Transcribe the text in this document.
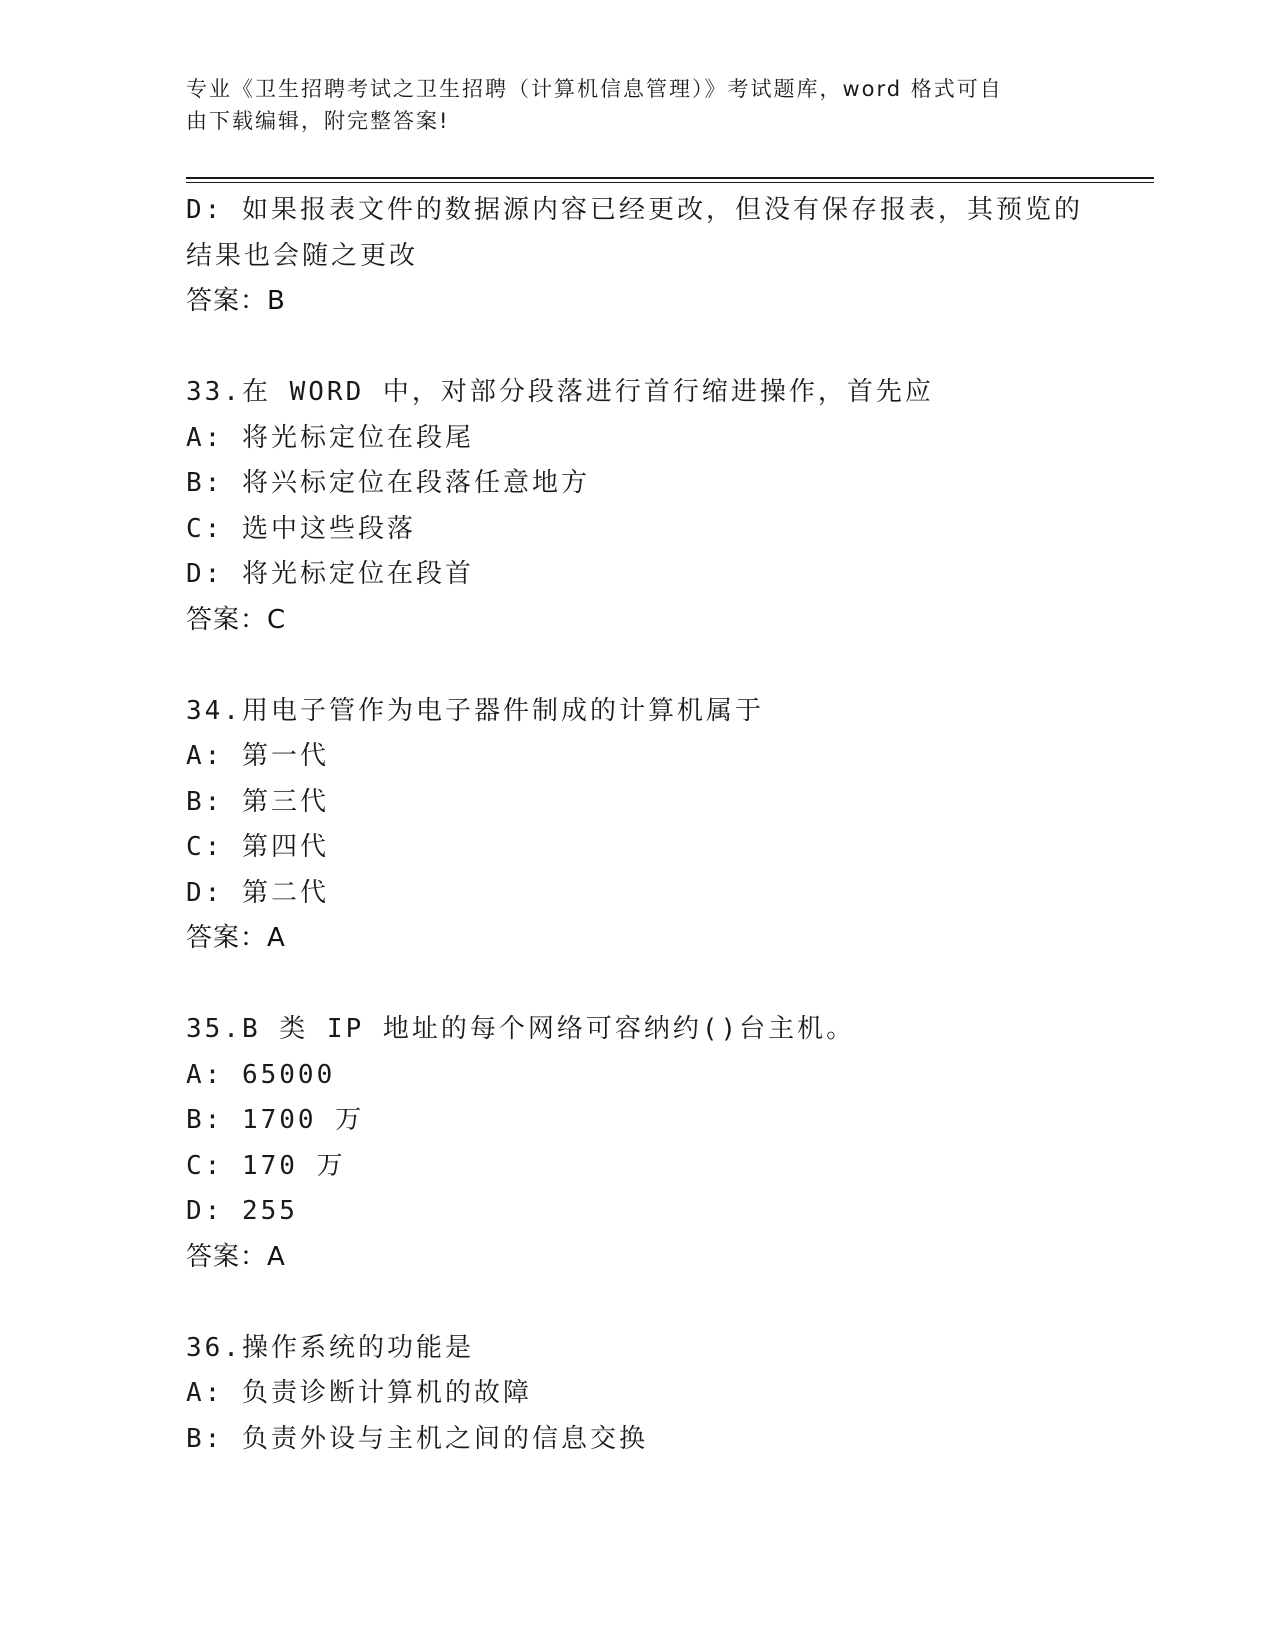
专业《卫生招聘考试之卫生招聘（计算机信息管理）》考试题库，word 格式可自
由下载编辑，附完整答案!
D: 如果报表文件的数据源内容已经更改，但没有保存报表，其预览的
结果也会随之更改
答案：B
33.在 WORD 中，对部分段落进行首行缩进操作，首先应
A: 将光标定位在段尾
B: 将兴标定位在段落任意地方
C: 选中这些段落
D: 将光标定位在段首
答案：C
34.用电子管作为电子器件制成的计算机属于
A: 第一代
B: 第三代
C: 第四代
D: 第二代
答案：A
35.B 类 IP 地址的每个网络可容纳约()台主机。
A: 65000
B: 1700 万
C: 170 万
D: 255
答案：A
36.操作系统的功能是
A: 负责诊断计算机的故障
B: 负责外设与主机之间的信息交换
